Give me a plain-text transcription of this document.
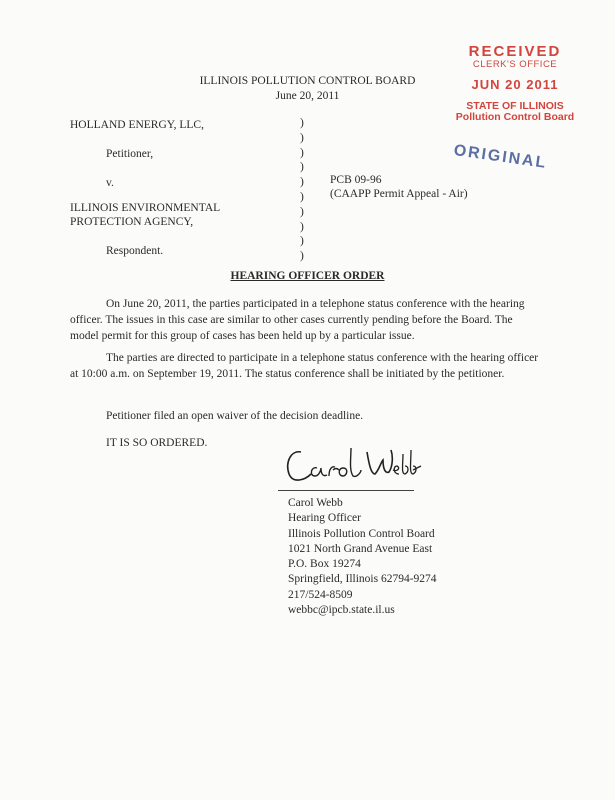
RECEIVED
CLERK'S OFFICE
JUN 20 2011
STATE OF ILLINOIS
Pollution Control Board
ORIGINAL
ILLINOIS POLLUTION CONTROL BOARD
June 20, 2011
HOLLAND ENERGY, LLC,
Petitioner,
v.
ILLINOIS ENVIRONMENTAL
PROTECTION AGENCY,
Respondent.
PCB 09-96
(CAAPP Permit Appeal - Air)
)
)
)
)
)
)
)
)
)
)
HEARING OFFICER ORDER
On June 20, 2011, the parties participated in a telephone status conference with the hearing officer. The issues in this case are similar to other cases currently pending before the Board. The model permit for this group of cases has been held up by a particular issue.
The parties are directed to participate in a telephone status conference with the hearing officer at 10:00 a.m. on September 19, 2011. The status conference shall be initiated by the petitioner.
Petitioner filed an open waiver of the decision deadline.
IT IS SO ORDERED.
Carol Webb
Hearing Officer
Illinois Pollution Control Board
1021 North Grand Avenue East
P.O. Box 19274
Springfield, Illinois 62794-9274
217/524-8509
webbc@ipcb.state.il.us
